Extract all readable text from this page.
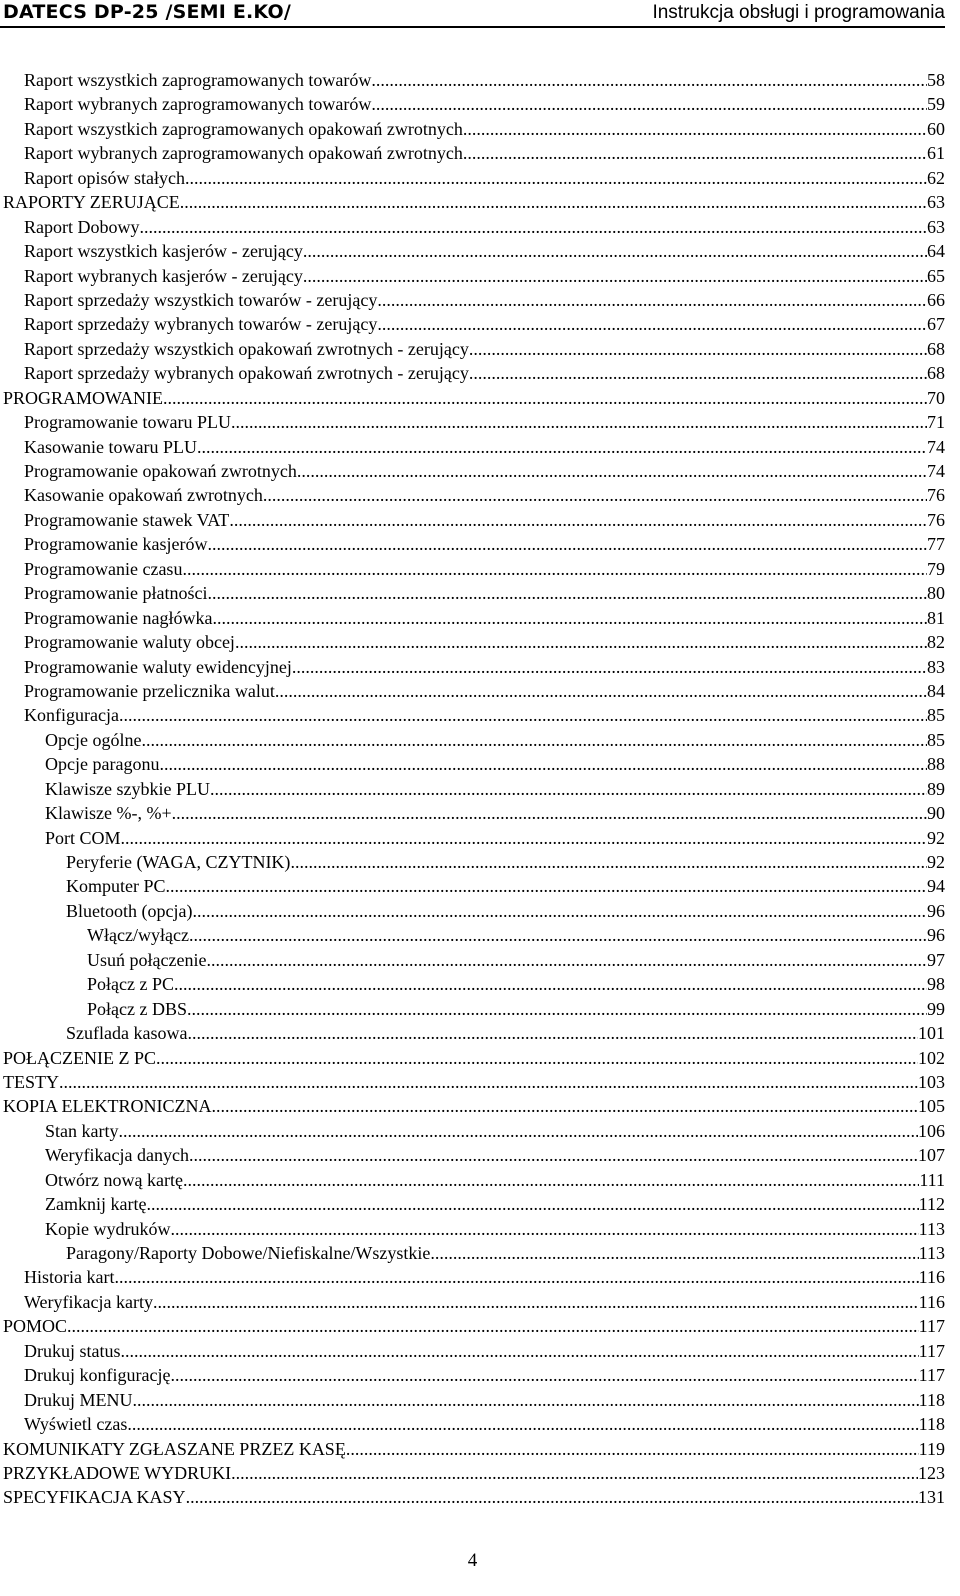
DATECS DP-25 /SEMI E.KO/	Instrukcja obsługi i programowania
Raport wszystkich zaprogramowanych towarów .....	58
Raport wybranych zaprogramowanych towarów .....	59
Raport wszystkich zaprogramowanych opakowań zwrotnych .....	60
Raport wybranych zaprogramowanych opakowań zwrotnych .....	61
Raport opisów stałych .....	62
RAPORTY ZERUJĄCE .....	63
Raport Dobowy .....	63
Raport wszystkich kasjerów - zerujący .....	64
Raport wybranych kasjerów - zerujący .....	65
Raport sprzedaży wszystkich towarów - zerujący .....	66
Raport sprzedaży wybranych towarów - zerujący .....	67
Raport sprzedaży wszystkich opakowań zwrotnych - zerujący .....	68
Raport sprzedaży wybranych opakowań zwrotnych - zerujący .....	68
PROGRAMOWANIE .....	70
Programowanie towaru PLU .....	71
Kasowanie towaru PLU .....	74
Programowanie opakowań zwrotnych .....	74
Kasowanie opakowań zwrotnych .....	76
Programowanie stawek VAT .....	76
Programowanie kasjerów .....	77
Programowanie czasu .....	79
Programowanie płatności .....	80
Programowanie nagłówka .....	81
Programowanie waluty obcej .....	82
Programowanie waluty ewidencyjnej .....	83
Programowanie przelicznika walut .....	84
Konfiguracja .....	85
Opcje ogólne .....	85
Opcje paragonu .....	88
Klawisze szybkie PLU .....	89
Klawisze %-, %+ .....	90
Port COM .....	92
Peryferie (WAGA, CZYTNIK) .....	92
Komputer PC .....	94
Bluetooth (opcja) .....	96
Włącz/wyłącz .....	96
Usuń połączenie .....	97
Połącz z PC .....	98
Połącz z DBS .....	99
Szuflada kasowa .....	101
POŁĄCZENIE Z PC .....	102
TESTY .....	103
KOPIA ELEKTRONICZNA .....	105
Stan karty .....	106
Weryfikacja danych .....	107
Otwórz nową kartę .....	111
Zamknij kartę .....	112
Kopie wydruków .....	113
Paragony/Raporty Dobowe/Niefiskalne/Wszystkie .....	113
Historia kart .....	116
Weryfikacja karty .....	116
POMOC .....	117
Drukuj status .....	117
Drukuj konfigurację .....	117
Drukuj MENU .....	118
Wyświetl czas .....	118
KOMUNIKATY ZGŁASZANE PRZEZ KASĘ .....	119
PRZYKŁADOWE WYDRUKI .....	123
SPECYFIKACJA KASY .....	131
4
